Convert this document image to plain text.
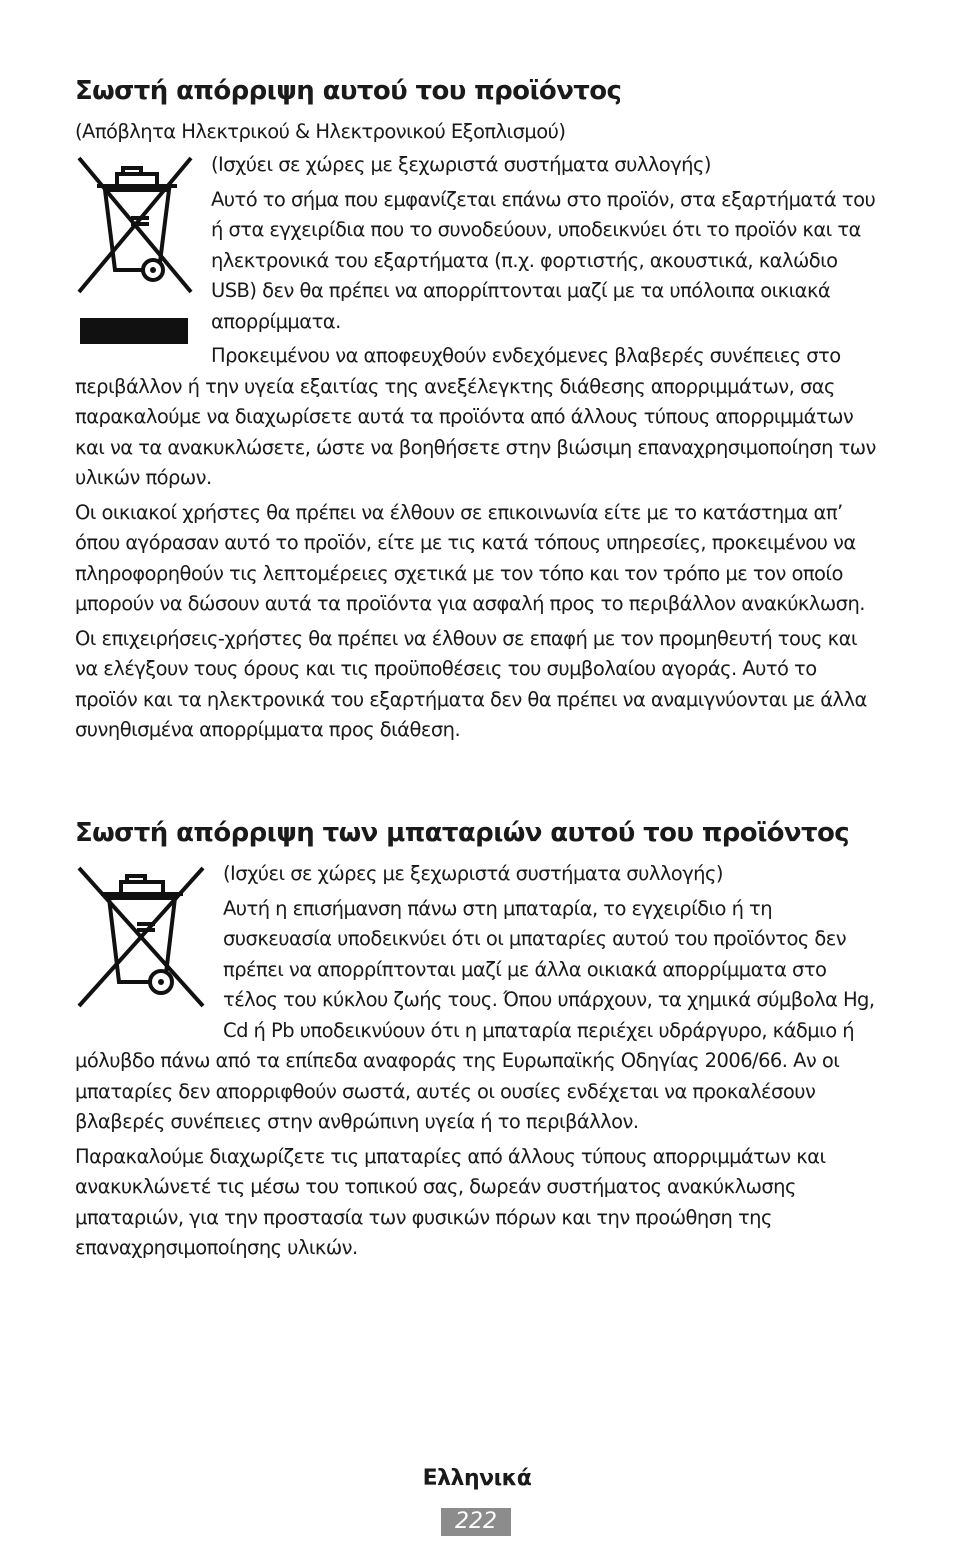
Σωστή απόρριψη αυτού του προϊόντος

(Απόβλητα Ηλεκτρικού & Ηλεκτρονικού Εξοπλισμού)

(Ισχύει σε χώρες με ξεχωριστά συστήματα συλλογής)

Αυτό το σήμα που εμφανίζεται επάνω στο προϊόν, στα εξαρτήματά του ή στα εγχειρίδια που το συνοδεύουν, υποδεικνύει ότι το προϊόν και τα ηλεκτρονικά του εξαρτήματα (π.χ. φορτιστής, ακουστικά, καλώδιο USB) δεν θα πρέπει να απορρίπτονται μαζί με τα υπόλοιπα οικιακά απορρίμματα.

Προκειμένου να αποφευχθούν ενδεχόμενες βλαβερές συνέπειες στο περιβάλλον ή την υγεία εξαιτίας της ανεξέλεγκτης διάθεσης απορριμμάτων, σας παρακαλούμε να διαχωρίσετε αυτά τα προϊόντα από άλλους τύπους απορριμμάτων και να τα ανακυκλώσετε, ώστε να βοηθήσετε στην βιώσιμη επαναχρησιμοποίηση των υλικών πόρων.

Οι οικιακοί χρήστες θα πρέπει να έλθουν σε επικοινωνία είτε με το κατάστημα απ’ όπου αγόρασαν αυτό το προϊόν, είτε με τις κατά τόπους υπηρεσίες, προκειμένου να πληροφορηθούν τις λεπτομέρειες σχετικά με τον τόπο και τον τρόπο με τον οποίο μπορούν να δώσουν αυτά τα προϊόντα για ασφαλή προς το περιβάλλον ανακύκλωση.

Οι επιχειρήσεις-χρήστες θα πρέπει να έλθουν σε επαφή με τον προμηθευτή τους και να ελέγξουν τους όρους και τις προϋποθέσεις του συμβολαίου αγοράς. Αυτό το προϊόν και τα ηλεκτρονικά του εξαρτήματα δεν θα πρέπει να αναμιγνύονται με άλλα συνηθισμένα απορρίμματα προς διάθεση.

Σωστή απόρριψη των μπαταριών αυτού του προϊόντος

(Ισχύει σε χώρες με ξεχωριστά συστήματα συλλογής)

Αυτή η επισήμανση πάνω στη μπαταρία, το εγχειρίδιο ή τη συσκευασία υποδεικνύει ότι οι μπαταρίες αυτού του προϊόντος δεν πρέπει να απορρίπτονται μαζί με άλλα οικιακά απορρίμματα στο τέλος του κύκλου ζωής τους. Όπου υπάρχουν, τα χημικά σύμβολα Hg, Cd ή Pb υποδεικνύουν ότι η μπαταρία περιέχει υδράργυρο, κάδμιο ή μόλυβδο πάνω από τα επίπεδα αναφοράς της Ευρωπαϊκής Οδηγίας 2006/66. Αν οι μπαταρίες δεν απορριφθούν σωστά, αυτές οι ουσίες ενδέχεται να προκαλέσουν βλαβερές συνέπειες στην ανθρώπινη υγεία ή το περιβάλλον.

Παρακαλούμε διαχωρίζετε τις μπαταρίες από άλλους τύπους απορριμμάτων και ανακυκλώνετέ τις μέσω του τοπικού σας, δωρεάν συστήματος ανακύκλωσης μπαταριών, για την προστασία των φυσικών πόρων και την προώθηση της επαναχρησιμοποίησης υλικών.

Ελληνικά
222
